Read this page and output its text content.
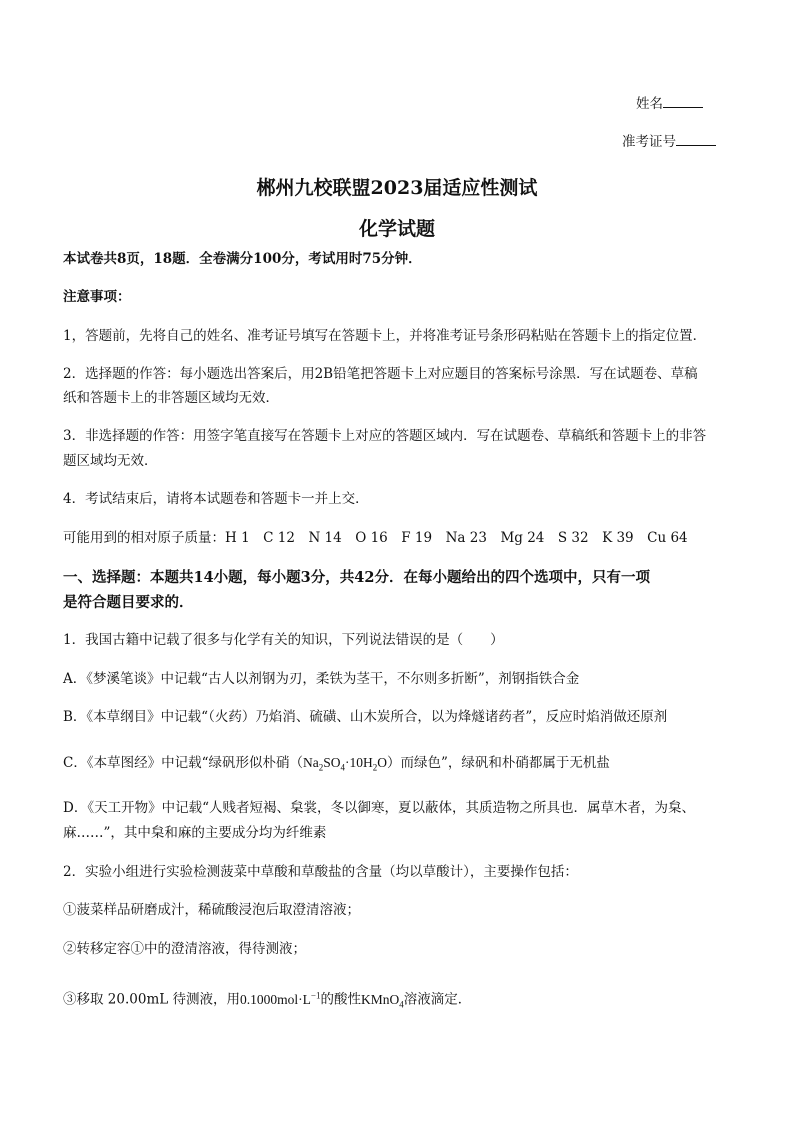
姓名
准考证号
郴州九校联盟2023届适应性测试
化学试题
本试卷共8页，18题．全卷满分100分，考试用时75分钟．
注意事项：
1，答题前，先将自己的姓名、准考证号填写在答题卡上，并将准考证号条形码粘贴在答题卡上的指定位置．
2．选择题的作答：每小题选出答案后，用2B铅笔把答题卡上对应题目的答案标号涂黑．写在试题卷、草稿
纸和答题卡上的非答题区域均无效．
3．非选择题的作答：用签字笔直接写在答题卡上对应的答题区域内．写在试题卷、草稿纸和答题卡上的非答
题区域均无效．
4．考试结束后，请将本试题卷和答题卡一并上交．
可能用到的相对原子质量：H 1　C 12　N 14　O 16　F 19　Na 23　Mg 24　S 32　K 39　Cu 64
一、选择题：本题共14小题，每小题3分，共42分．在每小题给出的四个选项中，只有一项
是符合题目要求的．
1．我国古籍中记载了很多与化学有关的知识，下列说法错误的是（　　）
A．《梦溪笔谈》中记载“古人以剂钢为刃，柔铁为茎干，不尔则多折断”，剂钢指铁合金
B．《本草纲目》中记载“（火药）乃焰消、硫磺、山木炭所合，以为烽燧诸药者”，反应时焰消做还原剂
C．《本草图经》中记载“绿矾形似朴硝$(Na_2SO_4\cdot 10H_2O)$而绿色”，绿矾和朴硝都属于无机盐
D．《天工开物》中记载“人贱者短褐、枲裳，冬以御寒，夏以蔽体，其质造物之所具也．属草木者，为枲、
麻……”，其中枲和麻的主要成分均为纤维素
2．实验小组进行实验检测菠菜中草酸和草酸盐的含量（均以草酸计），主要操作包括：
①菠菜样品研磨成汁，稀硫酸浸泡后取澄清溶液；
②转移定容①中的澄清溶液，得待测液；
③移取 20.00mL 待测液，用$0.1000mol\cdot L^{-1}$的酸性KMnO$_4$溶液滴定．
